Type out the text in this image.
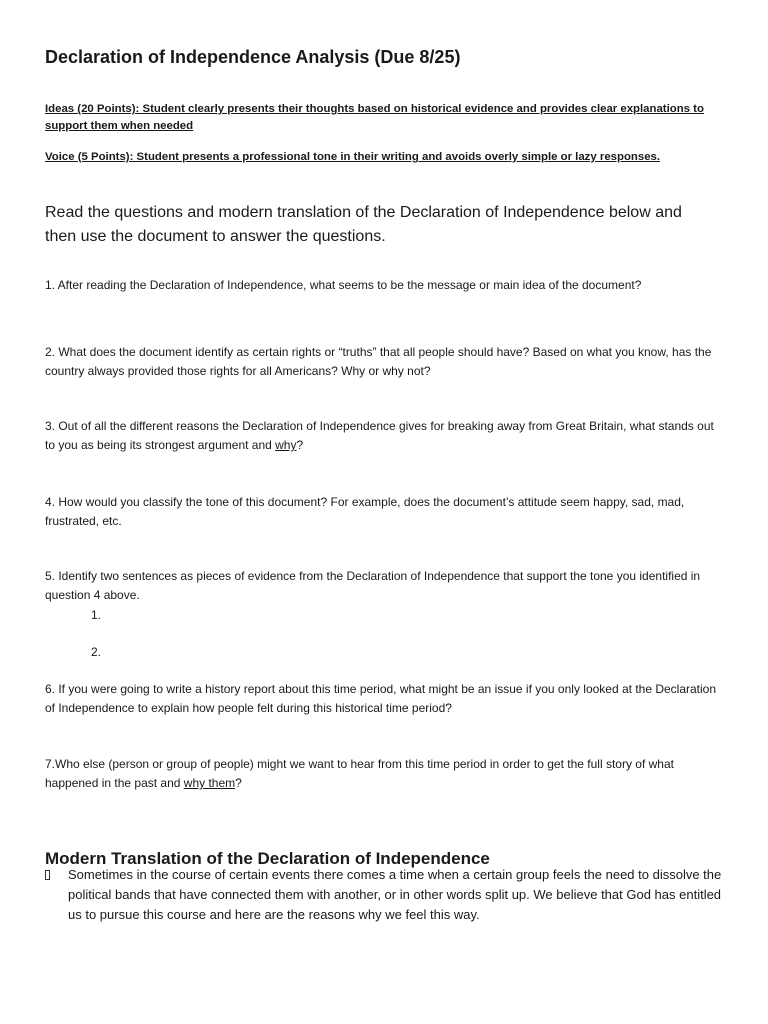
Declaration of Independence Analysis (Due 8/25)
Ideas (20 Points): Student clearly presents their thoughts based on historical evidence and provides clear explanations to support them when needed
Voice (5 Points): Student presents a professional tone in their writing and avoids overly simple or lazy responses.
Read the questions and modern translation of the Declaration of Independence below and then use the document to answer the questions.
1. After reading the Declaration of Independence, what seems to be the message or main idea of the document?
2. What does the document identify as certain rights or “truths” that all people should have? Based on what you know, has the country always provided those rights for all Americans? Why or why not?
3. Out of all the different reasons the Declaration of Independence gives for breaking away from Great Britain, what stands out to you as being its strongest argument and why?
4. How would you classify the tone of this document? For example, does the document’s attitude seem happy, sad, mad, frustrated, etc.
5. Identify two sentences as pieces of evidence from the Declaration of Independence that support the tone you identified in question 4 above.
1.
2.
6. If you were going to write a history report about this time period, what might be an issue if you only looked at the Declaration of Independence to explain how people felt during this historical time period?
7.Who else (person or group of people) might we want to hear from this time period in order to get the full story of what happened in the past and why them?
Modern Translation of the Declaration of Independence
Sometimes in the course of certain events there comes a time when a certain group feels the need to dissolve the political bands that have connected them with another, or in other words split up. We believe that God has entitled us to pursue this course and here are the reasons why we feel this way.
